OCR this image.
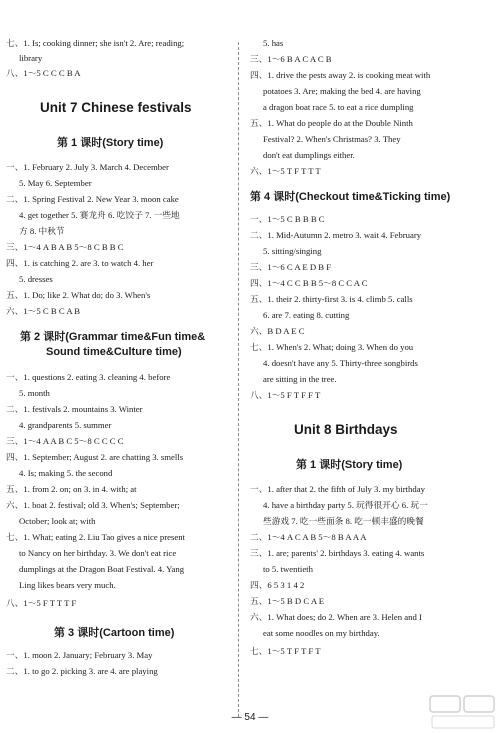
七、1. Is; cooking dinner; she isn't 2. Are; reading;
library
八、1～5 C C C B A
Unit 7 Chinese festivals
第 1 课时(Story time)
一、1. February 2. July 3. March 4. December
5. May 6. September
二、1. Spring Festival 2. New Year 3. moon cake
4. get together 5. 赛龙舟 6. 吃饺子 7. 一些地
方 8. 中秋节
三、1～4 A B A B 5～8 C B B C
四、1. is catching 2. are 3. to watch 4. her
5. dresses
五、1. Do; like 2. What do; do 3. When's
六、1～5 C B C A B
第 2 课时(Grammar time&Fun time&
Sound time&Culture time)
一、1. questions 2. eating 3. cleaning 4. before
5. month
二、1. festivals 2. mountains 3. Winter
4. grandparents 5. summer
三、1～4 A A B C 5～8 C C C C
四、1. September; August 2. are chatting 3. smells
4. Is; making 5. the second
五、1. from 2. on; on 3. in 4. with; at
六、1. boat 2. festival; old 3. When's; September;
October; look at; with
七、1. What; eating 2. Liu Tao gives a nice present
to Nancy on her birthday. 3. We don't eat rice
dumplings at the Dragon Boat Festival. 4. Yang
Ling likes bears very much.
八、1～5 F T T T F
第 3 课时(Cartoon time)
一、1. moon 2. January; February 3. May
二、1. to go 2. picking 3. are 4. are playing
5. has
三、1～6 B A C A C B
四、1. drive the pests away 2. is cooking meat with
potatoes 3. Are; making the bed 4. are having
a dragon boat race 5. to eat a rice dumpling
五、1. What do people do at the Double Ninth
Festival? 2. When's Christmas? 3. They
don't eat dumplings either.
六、1～5 T F T T T
第 4 课时(Checkout time&Ticking time)
一、1～5 C B B B C
二、1. Mid-Autumn 2. metro 3. wait 4. February
5. sitting/singing
三、1～6 C A E D B F
四、1～4 C C B B 5～8 C C A C
五、1. their 2. thirty-first 3. is 4. climb 5. calls
6. are 7. eating 8. cutting
六、B D A E C
七、1. When's 2. What; doing 3. When do you
4. doesn't have any 5. Thirty-three songbirds
are sitting in the tree.
八、1～5 F T F F T
Unit 8 Birthdays
第 1 课时(Story time)
一、1. after that 2. the fifth of July 3. my birthday
4. have a birthday party 5. 玩得很开心 6. 玩一
些游戏 7. 吃一些面条 8. 吃一顿丰盛的晚餐
二、1～4 A C A B 5～8 B A A A
三、1. are; parents' 2. birthdays 3. eating 4. wants
to 5. twentieth
四、6 5 3 1 4 2
五、1～5 B D C A E
六、1. What does; do 2. When are 3. Helen and I
eat some noodles on my birthday.
七、1～5 T F T F T
— 54 —
